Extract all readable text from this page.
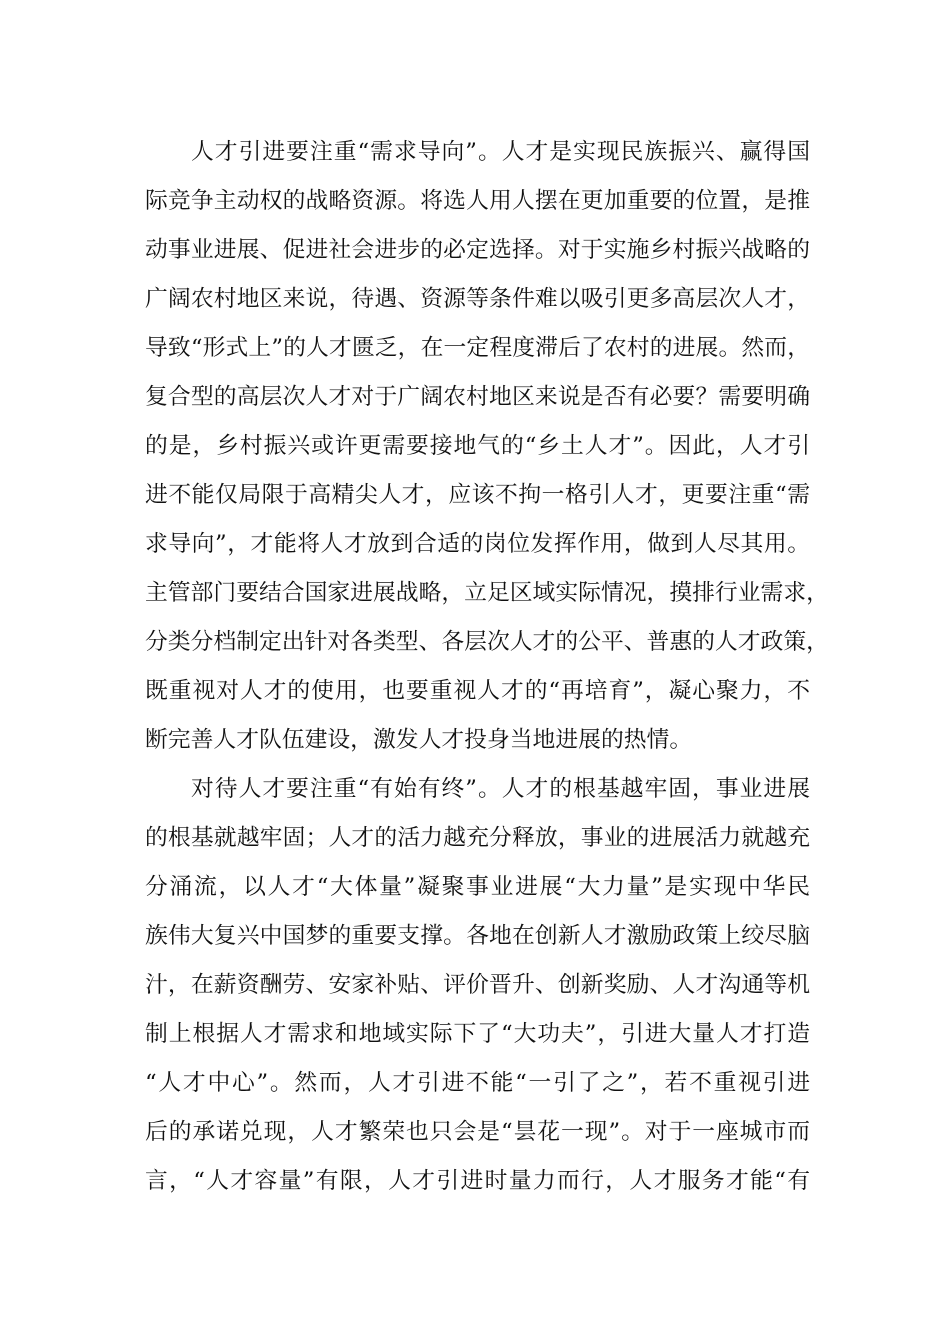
人才引进要注重“需求导向”。人才是实现民族振兴、赢得国
际竞争主动权的战略资源。将选人用人摆在更加重要的位置，是推
动事业进展、促进社会进步的必定选择。对于实施乡村振兴战略的
广阔农村地区来说，待遇、资源等条件难以吸引更多高层次人才，
导致“形式上”的人才匮乏，在一定程度滞后了农村的进展。然而，
复合型的高层次人才对于广阔农村地区来说是否有必要？需要明确
的是，乡村振兴或许更需要接地气的“乡土人才”。因此，人才引
进不能仅局限于高精尖人才，应该不拘一格引人才，更要注重“需
求导向”，才能将人才放到合适的岗位发挥作用，做到人尽其用。
主管部门要结合国家进展战略，立足区域实际情况，摸排行业需求，
分类分档制定出针对各类型、各层次人才的公平、普惠的人才政策，
既重视对人才的使用，也要重视人才的“再培育”，凝心聚力，不
断完善人才队伍建设，激发人才投身当地进展的热情。
对待人才要注重“有始有终”。人才的根基越牢固，事业进展
的根基就越牢固；人才的活力越充分释放，事业的进展活力就越充
分涌流，以人才“大体量”凝聚事业进展“大力量”是实现中华民
族伟大复兴中国梦的重要支撑。各地在创新人才激励政策上绞尽脑
汁，在薪资酬劳、安家补贴、评价晋升、创新奖励、人才沟通等机
制上根据人才需求和地域实际下了“大功夫”，引进大量人才打造
“人才中心”。然而，人才引进不能“一引了之”，若不重视引进
后的承诺兑现，人才繁荣也只会是“昙花一现”。对于一座城市而
言，“人才容量”有限，人才引进时量力而行，人才服务才能“有
